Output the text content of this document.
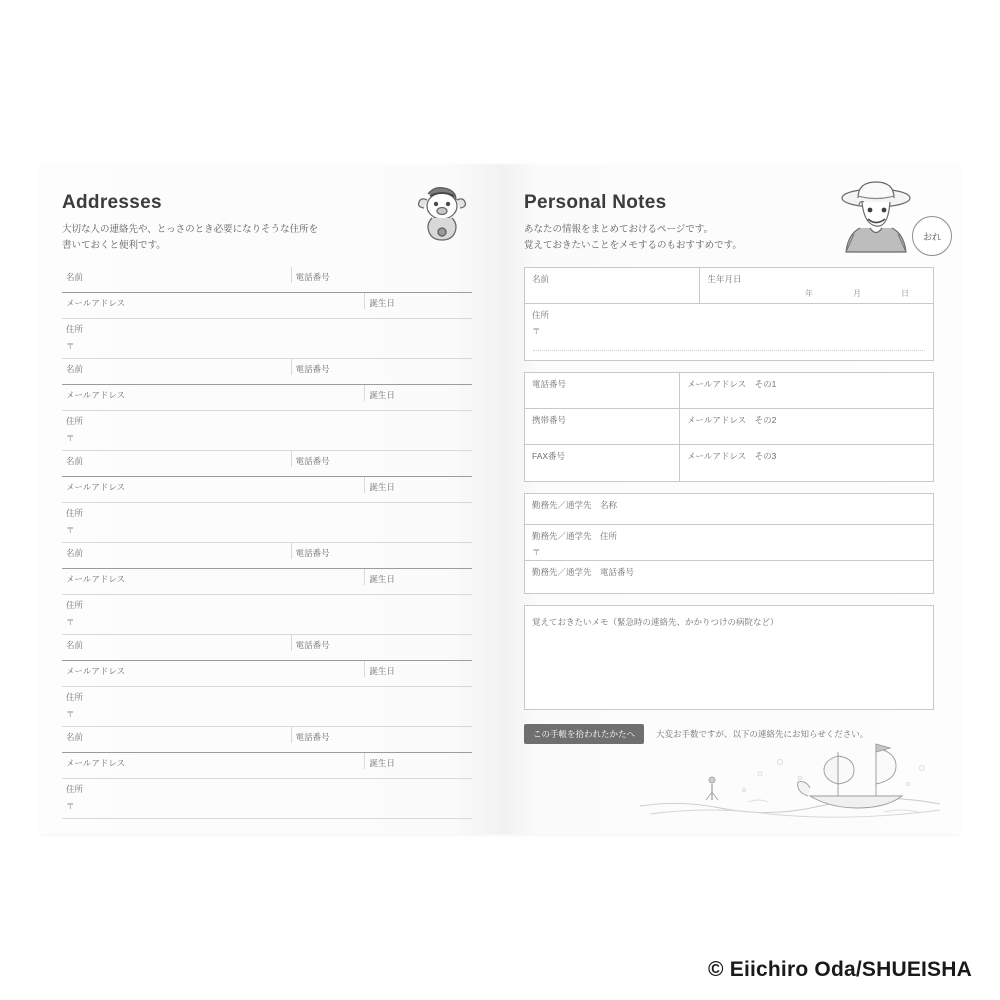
Addresses

大切な人の連絡先や、とっさのとき必要になりそうな住所を
書いておくと便利です。

名前	電話番号
メールアドレス	誕生日
住所
〒
名前	電話番号
メールアドレス	誕生日
住所
〒
名前	電話番号
メールアドレス	誕生日
住所
〒
名前	電話番号
メールアドレス	誕生日
住所
〒
名前	電話番号
メールアドレス	誕生日
住所
〒
名前	電話番号
メールアドレス	誕生日
住所
〒
おれ
Personal Notes

あなたの情報をまとめておけるページです。
覚えておきたいことをメモするのもおすすめです。

名前	生年月日
年　月　日
住所
〒
電話番号	メールアドレス　その1
携帯番号	メールアドレス　その2
FAX番号	メールアドレス　その3
勤務先／通学先　名称
勤務先／通学先　住所
〒
勤務先／通学先　電話番号
覚えておきたいメモ（緊急時の連絡先、かかりつけの病院など）
この手帳を拾われたかたへ	大変お手数ですが、以下の連絡先にお知らせください。
© Eiichiro Oda/SHUEISHA
